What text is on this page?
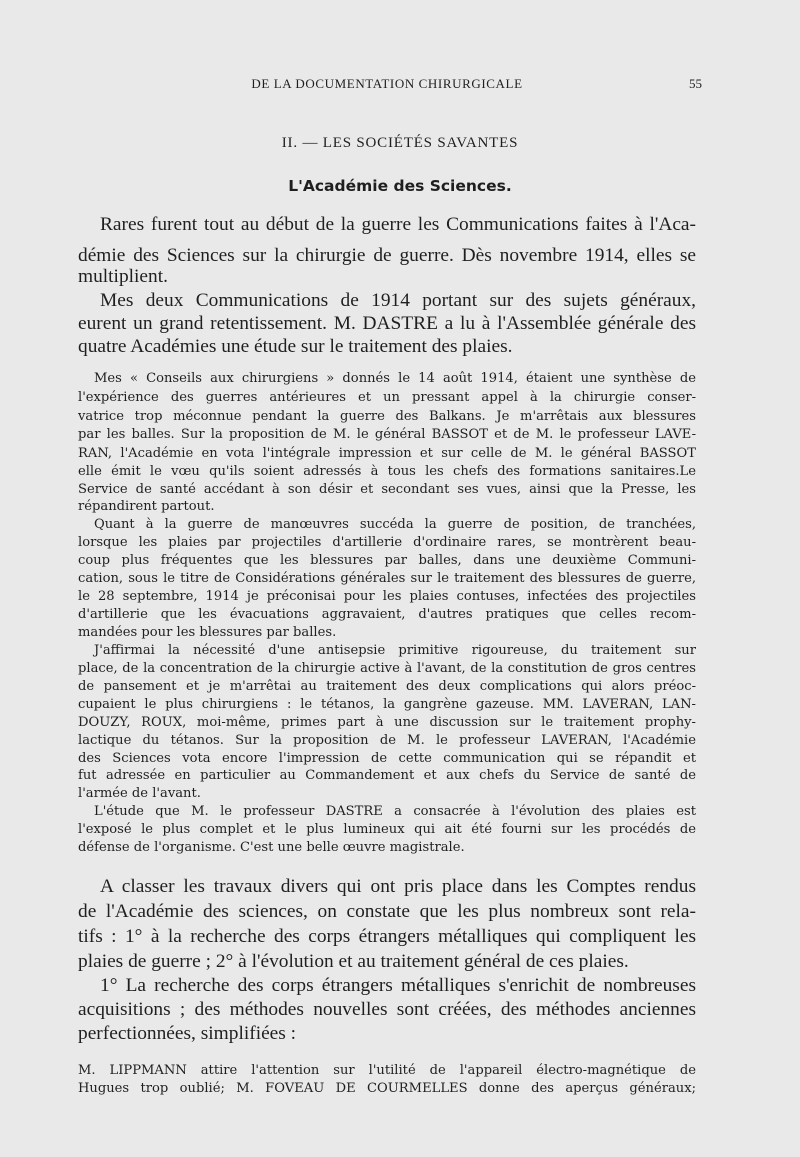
DE LA DOCUMENTATION CHIRURGICALE	55
II. — LES SOCIÉTÉS SAVANTES
L'Académie des Sciences.
Rares furent tout au début de la guerre les Communications faites à l'Aca-
démie des Sciences sur la chirurgie de guerre. Dès novembre 1914, elles se
multiplient.
Mes deux Communications de 1914 portant sur des sujets généraux,
eurent un grand retentissement. M. DASTRE a lu à l'Assemblée générale des
quatre Académies une étude sur le traitement des plaies.
Mes « Conseils aux chirurgiens » donnés le 14 août 1914, étaient une synthèse de
l'expérience des guerres antérieures et un pressant appel à la chirurgie conser-
vatrice trop méconnue pendant la guerre des Balkans. Je m'arrêtais aux blessures
par les balles. Sur la proposition de M. le général BASSOT et de M. le professeur LAVE-
RAN, l'Académie en vota l'intégrale impression et sur celle de M. le général BASSOT
elle émit le vœu qu'ils soient adressés à tous les chefs des formations sanitaires.Le
Service de santé accédant à son désir et secondant ses vues, ainsi que la Presse, les
répandirent partout.
Quant à la guerre de manœuvres succéda la guerre de position, de tranchées,
lorsque les plaies par projectiles d'artillerie d'ordinaire rares, se montrèrent beau-
coup plus fréquentes que les blessures par balles, dans une deuxième Communi-
cation, sous le titre de Considérations générales sur le traitement des blessures de guerre,
le 28 septembre, 1914 je préconisai pour les plaies contuses, infectées des projectiles
d'artillerie que les évacuations aggravaient, d'autres pratiques que celles recom-
mandées pour les blessures par balles.
J'affirmai la nécessité d'une antisepsie primitive rigoureuse, du traitement sur
place, de la concentration de la chirurgie active à l'avant, de la constitution de gros centres
de pansement et je m'arrêtai au traitement des deux complications qui alors préoc-
cupaient le plus chirurgiens : le tétanos, la gangrène gazeuse. MM. LAVERAN, LAN-
DOUZY, ROUX, moi-même, primes part à une discussion sur le traitement prophy-
lactique du tétanos. Sur la proposition de M. le professeur LAVERAN, l'Académie
des Sciences vota encore l'impression de cette communication qui se répandit et
fut adressée en particulier au Commandement et aux chefs du Service de santé de
l'armée de l'avant.
L'étude que M. le professeur DASTRE a consacrée à l'évolution des plaies est
l'exposé le plus complet et le plus lumineux qui ait été fourni sur les procédés de
défense de l'organisme. C'est une belle œuvre magistrale.
A classer les travaux divers qui ont pris place dans les Comptes rendus
de l'Académie des sciences, on constate que les plus nombreux sont rela-
tifs : 1° à la recherche des corps étrangers métalliques qui compliquent les
plaies de guerre ; 2° à l'évolution et au traitement général de ces plaies.
1° La recherche des corps étrangers métalliques s'enrichit de nombreuses
acquisitions ; des méthodes nouvelles sont créées, des méthodes anciennes
perfectionnées, simplifiées :
M. LIPPMANN attire l'attention sur l'utilité de l'appareil électro-magnétique de
Hugues trop oublié; M. FOVEAU DE COURMELLES donne des aperçus généraux;
